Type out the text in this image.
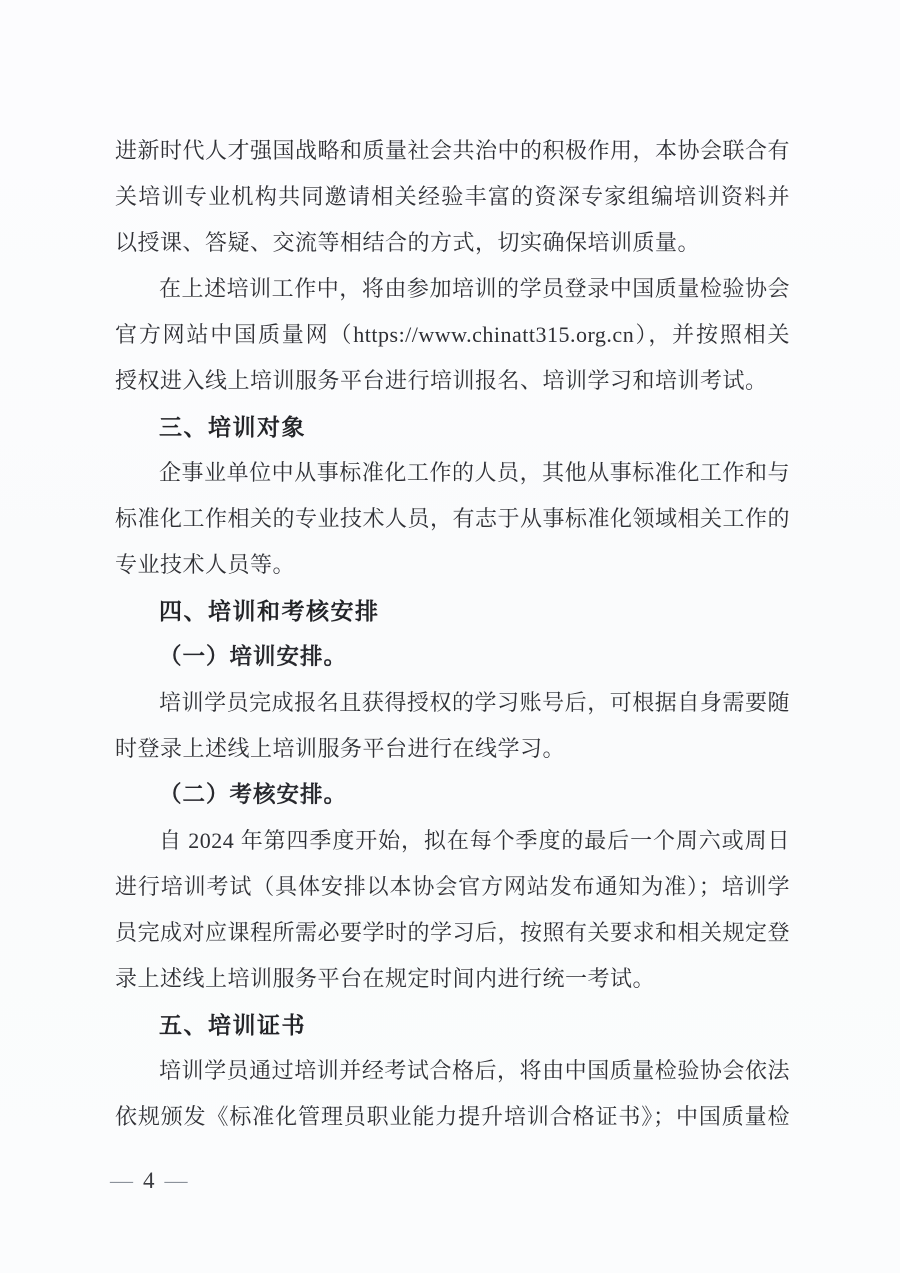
进新时代人才强国战略和质量社会共治中的积极作用，本协会联合有
关培训专业机构共同邀请相关经验丰富的资深专家组编培训资料并
以授课、答疑、交流等相结合的方式，切实确保培训质量。
在上述培训工作中，将由参加培训的学员登录中国质量检验协会
官方网站中国质量网（https://www.chinatt315.org.cn），并按照相关
授权进入线上培训服务平台进行培训报名、培训学习和培训考试。
三、培训对象
企事业单位中从事标准化工作的人员，其他从事标准化工作和与
标准化工作相关的专业技术人员，有志于从事标准化领域相关工作的
专业技术人员等。
四、培训和考核安排
（一）培训安排。
培训学员完成报名且获得授权的学习账号后，可根据自身需要随
时登录上述线上培训服务平台进行在线学习。
（二）考核安排。
自 2024 年第四季度开始，拟在每个季度的最后一个周六或周日
进行培训考试（具体安排以本协会官方网站发布通知为准）；培训学
员完成对应课程所需必要学时的学习后，按照有关要求和相关规定登
录上述线上培训服务平台在规定时间内进行统一考试。
五、培训证书
培训学员通过培训并经考试合格后，将由中国质量检验协会依法
依规颁发《标准化管理员职业能力提升培训合格证书》；中国质量检
— 4 —
